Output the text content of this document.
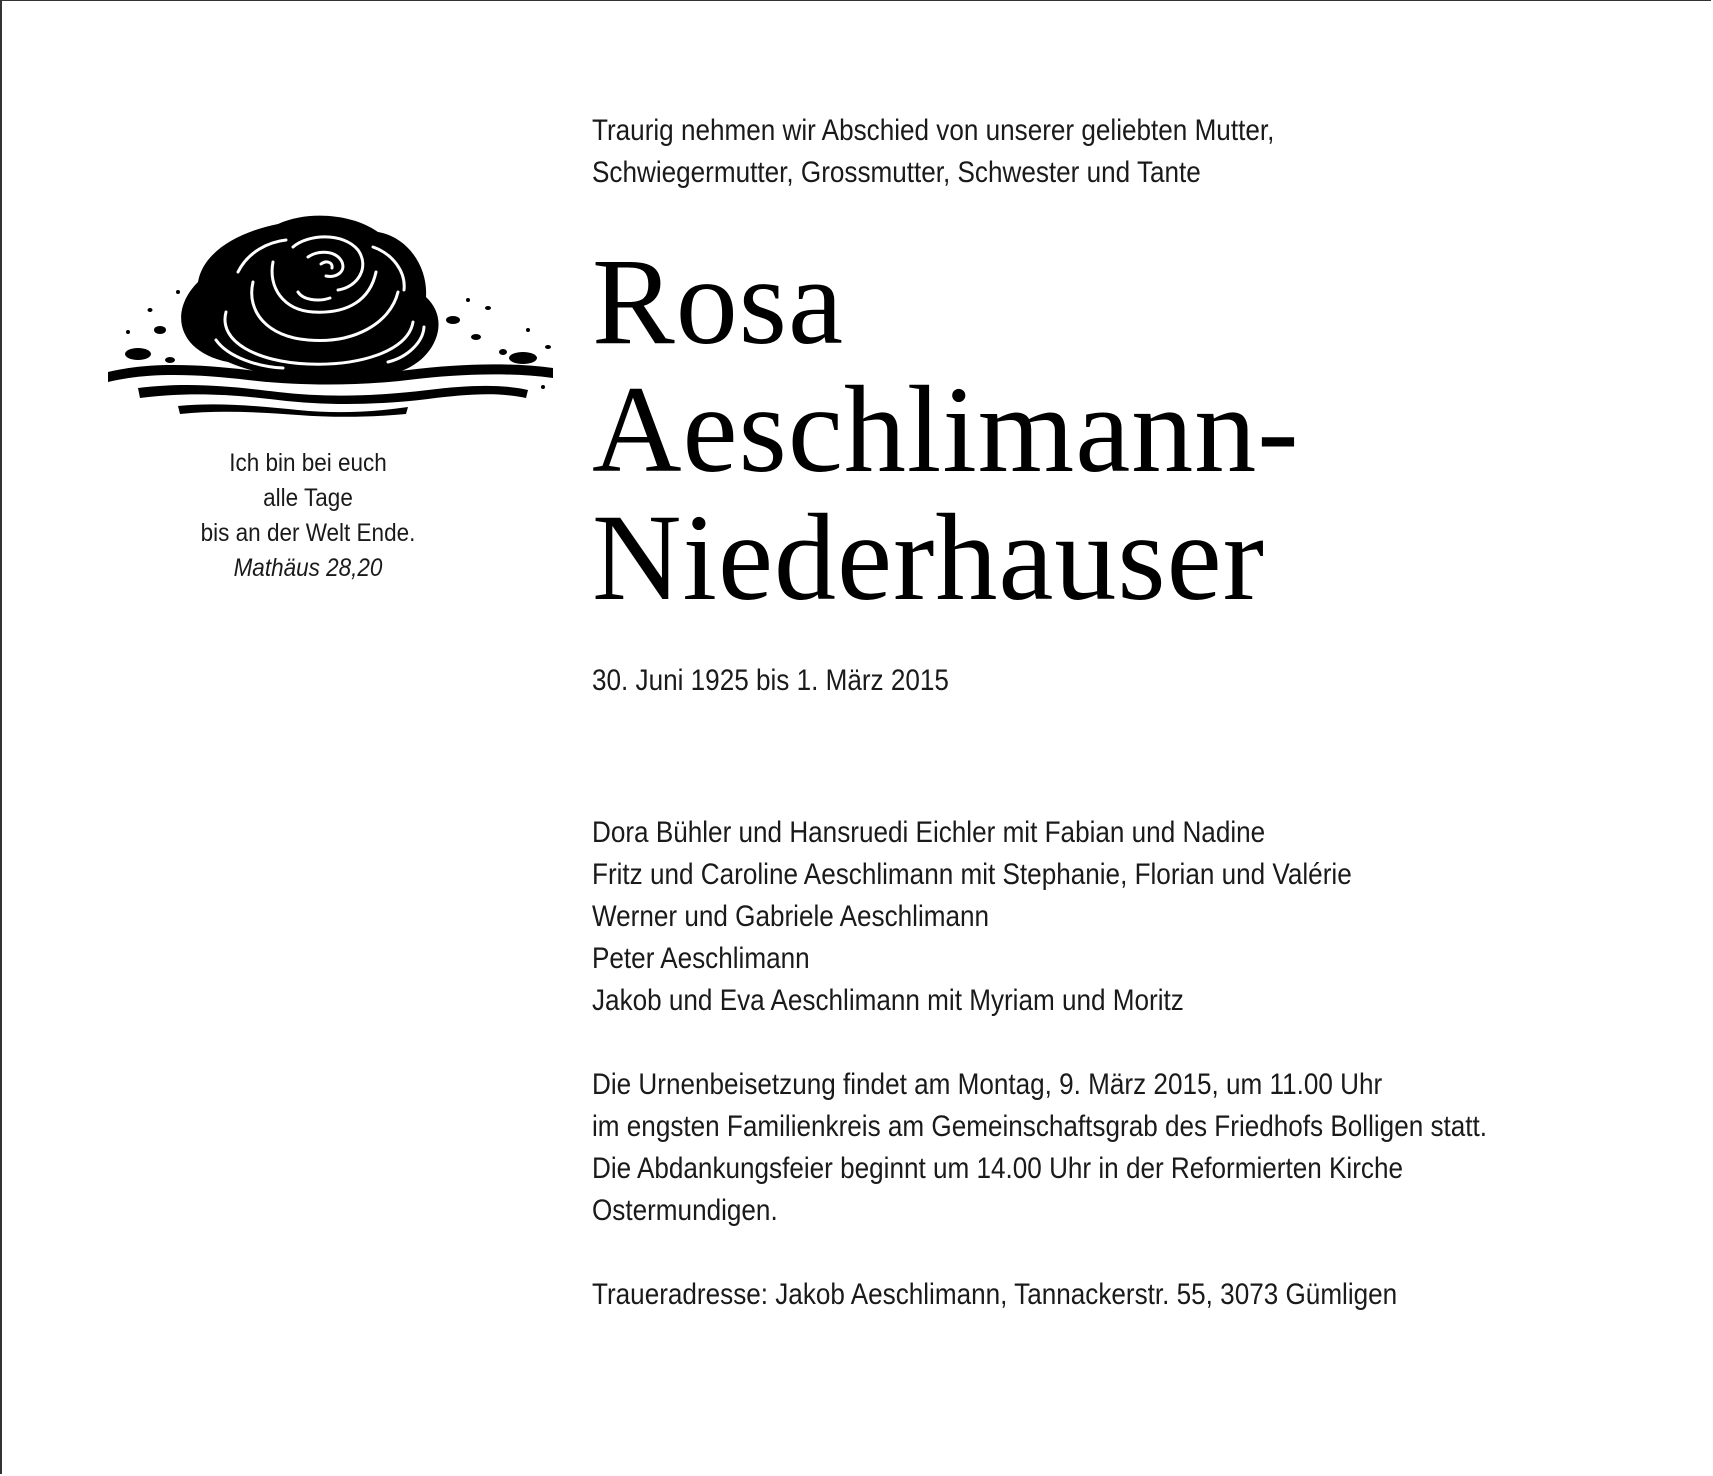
Ich bin bei euch
alle Tage
bis an der Welt Ende.
Mathäus 28,20
Traurig nehmen wir Abschied von unserer geliebten Mutter,
Schwiegermutter, Grossmutter, Schwester und Tante
Rosa
Aeschlimann-
Niederhauser
30. Juni 1925 bis 1. März 2015
Dora Bühler und Hansruedi Eichler mit Fabian und Nadine
Fritz und Caroline Aeschlimann mit Stephanie, Florian und Valérie
Werner und Gabriele Aeschlimann
Peter Aeschlimann
Jakob und Eva Aeschlimann mit Myriam und Moritz
Die Urnenbeisetzung findet am Montag, 9. März 2015, um 11.00 Uhr
im engsten Familienkreis am Gemeinschaftsgrab des Friedhofs Bolligen statt.
Die Abdankungsfeier beginnt um 14.00 Uhr in der Reformierten Kirche
Ostermundigen.
Traueradresse: Jakob Aeschlimann, Tannackerstr. 55, 3073 Gümligen
